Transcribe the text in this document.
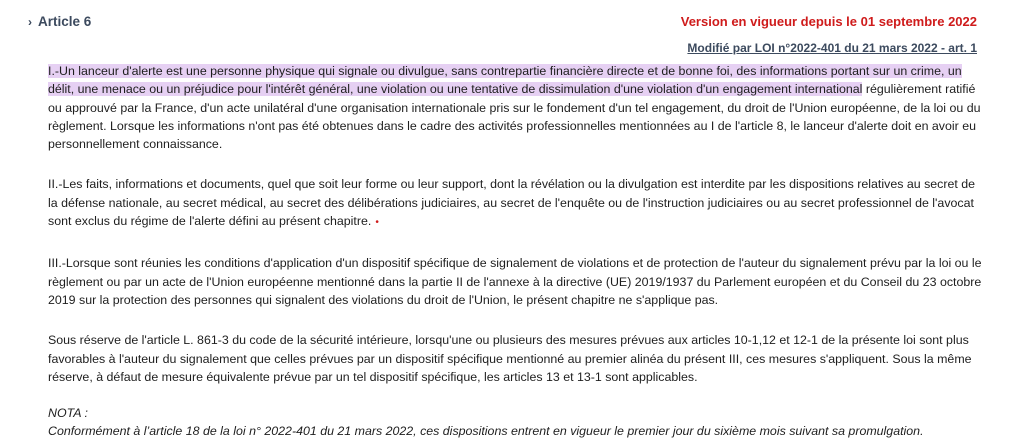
› Article 6	Version en vigueur depuis le 01 septembre 2022
Modifié par LOI n°2022-401 du 21 mars 2022 - art. 1

I.-Un lanceur d'alerte est une personne physique qui signale ou divulgue, sans contrepartie financière directe et de bonne foi, des informations portant sur un crime, un délit, une menace ou un préjudice pour l'intérêt général, une violation ou une tentative de dissimulation d'une violation d'un engagement international régulièrement ratifié ou approuvé par la France, d'un acte unilatéral d'une organisation internationale pris sur le fondement d'un tel engagement, du droit de l'Union européenne, de la loi ou du règlement. Lorsque les informations n'ont pas été obtenues dans le cadre des activités professionnelles mentionnées au I de l'article 8, le lanceur d'alerte doit en avoir eu personnellement connaissance.

II.-Les faits, informations et documents, quel que soit leur forme ou leur support, dont la révélation ou la divulgation est interdite par les dispositions relatives au secret de la défense nationale, au secret médical, au secret des délibérations judiciaires, au secret de l'enquête ou de l'instruction judiciaires ou au secret professionnel de l'avocat sont exclus du régime de l'alerte défini au présent chapitre. •

III.-Lorsque sont réunies les conditions d'application d'un dispositif spécifique de signalement de violations et de protection de l'auteur du signalement prévu par la loi ou le règlement ou par un acte de l'Union européenne mentionné dans la partie II de l'annexe à la directive (UE) 2019/1937 du Parlement européen et du Conseil du 23 octobre 2019 sur la protection des personnes qui signalent des violations du droit de l'Union, le présent chapitre ne s'applique pas.

Sous réserve de l'article L. 861-3 du code de la sécurité intérieure, lorsqu'une ou plusieurs des mesures prévues aux articles 10-1,12 et 12-1 de la présente loi sont plus favorables à l'auteur du signalement que celles prévues par un dispositif spécifique mentionné au premier alinéa du présent III, ces mesures s'appliquent. Sous la même réserve, à défaut de mesure équivalente prévue par un tel dispositif spécifique, les articles 13 et 13-1 sont applicables.

NOTA :
Conformément à l’article 18 de la loi n° 2022-401 du 21 mars 2022, ces dispositions entrent en vigueur le premier jour du sixième mois suivant sa promulgation.
